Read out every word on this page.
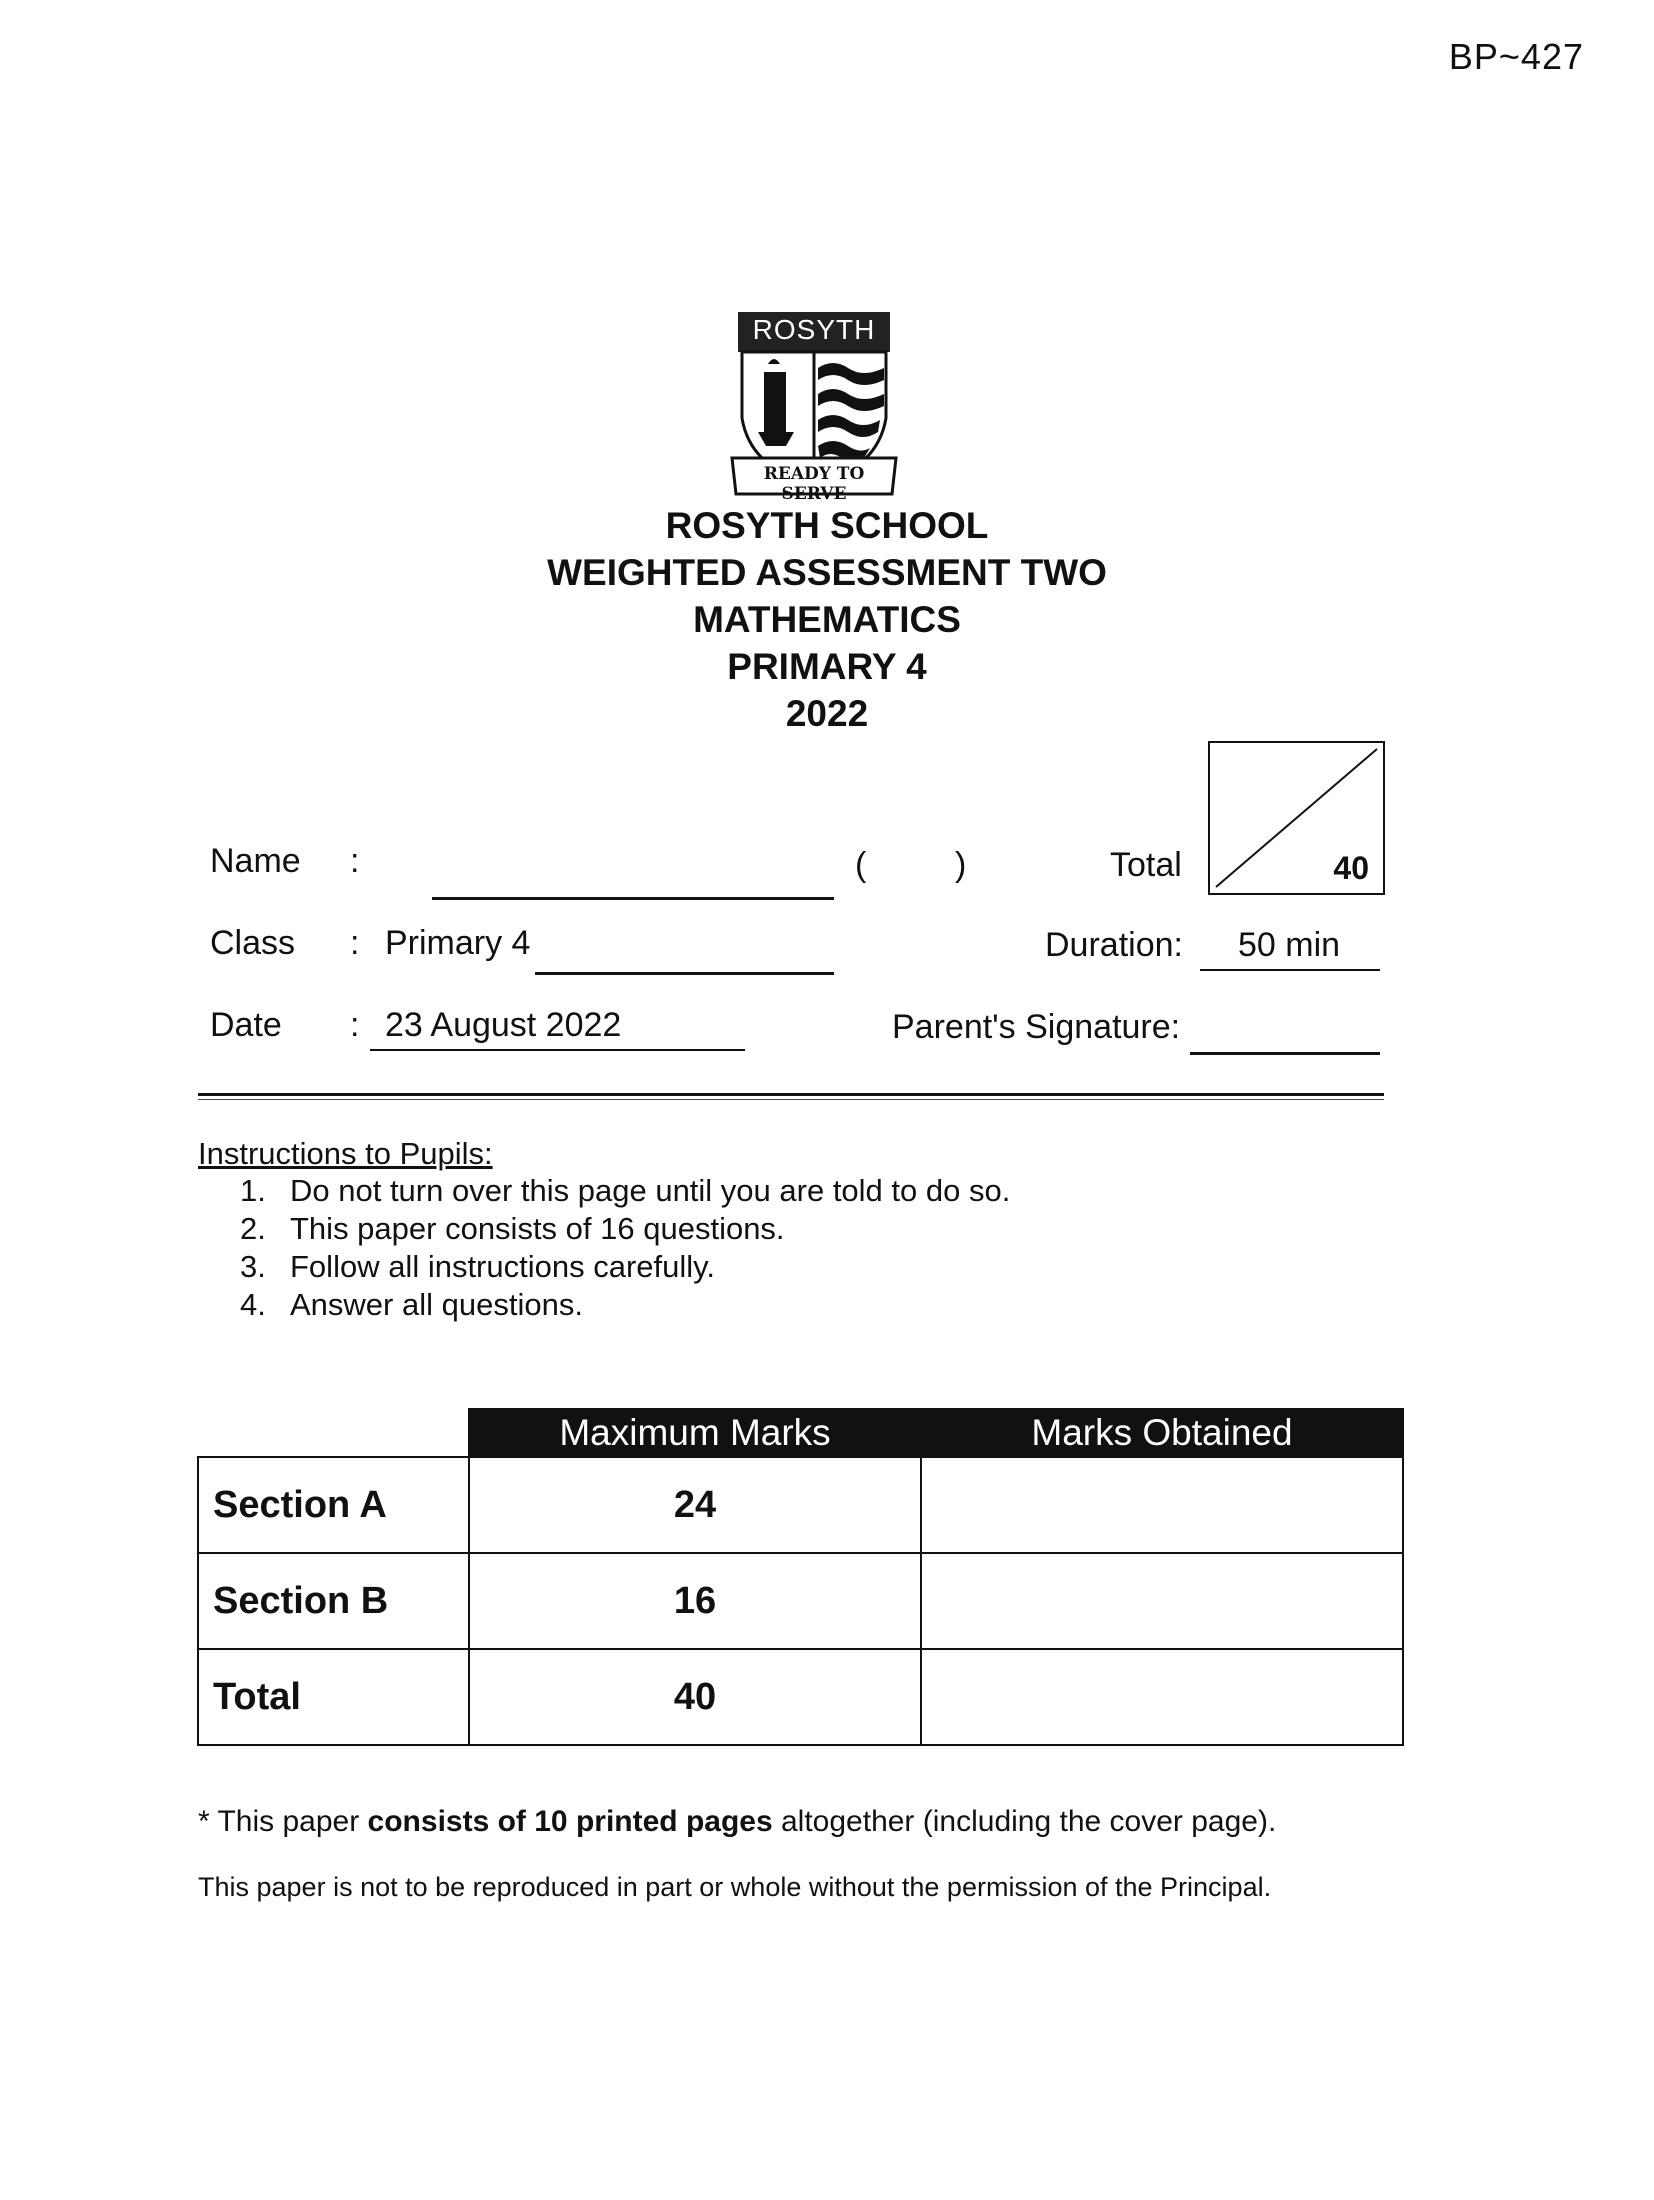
BP~427
ROSYTH
READY TO SERVE
ROSYTH SCHOOL
WEIGHTED ASSESSMENT TWO
MATHEMATICS
PRIMARY 4
2022
Name :	(	)	Total	40
Class : Primary 4	Duration: 50 min
Date : 23 August 2022	Parent's Signature:
Instructions to Pupils:
1. Do not turn over this page until you are told to do so.
2. This paper consists of 16 questions.
3. Follow all instructions carefully.
4. Answer all questions.
	Maximum Marks	Marks Obtained
Section A	24	
Section B	16	
Total	40	
* This paper consists of 10 printed pages altogether (including the cover page).
This paper is not to be reproduced in part or whole without the permission of the Principal.
